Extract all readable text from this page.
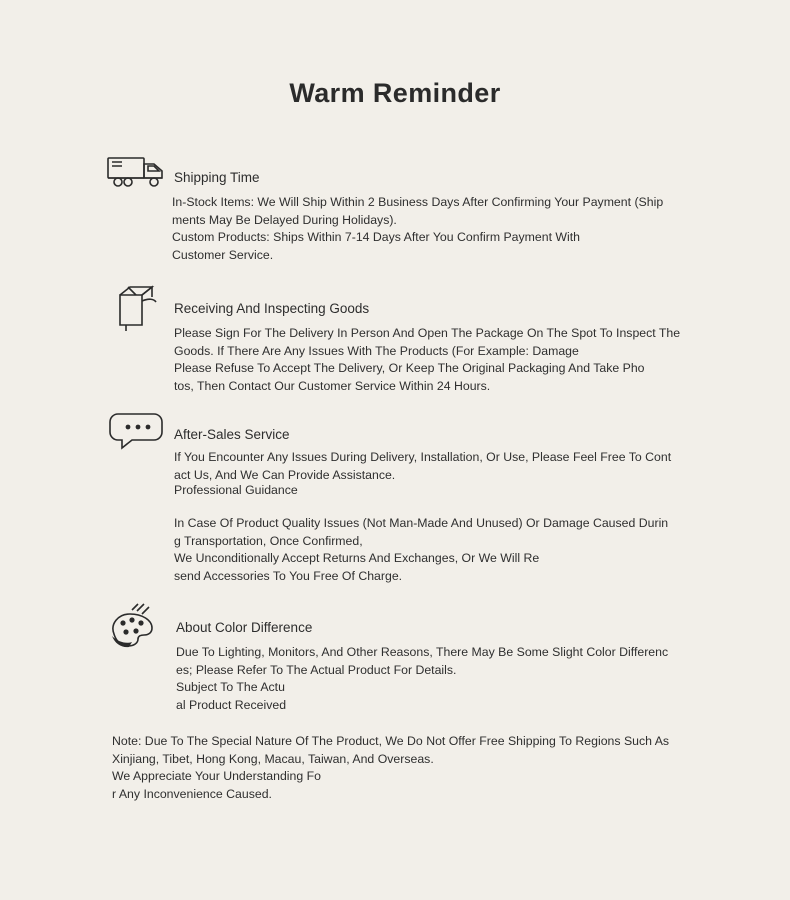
Warm Reminder
Shipping Time
In-Stock Items: We Will Ship Within 2 Business Days After Confirming Your Payment (Ship
ments May Be Delayed During Holidays).
Custom Products: Ships Within 7-14 Days After You Confirm Payment With
Customer Service.
Receiving And Inspecting Goods
Please Sign For The Delivery In Person And Open The Package On The Spot To Inspect The
Goods. If There Are Any Issues With The Products (For Example: Damage
Please Refuse To Accept The Delivery, Or Keep The Original Packaging And Take Pho
tos, Then Contact Our Customer Service Within 24 Hours.
After-Sales Service
If You Encounter Any Issues During Delivery, Installation, Or Use, Please Feel Free To Cont
act Us, And We Can Provide Assistance.
Professional Guidance
In Case Of Product Quality Issues (Not Man-Made And Unused) Or Damage Caused Durin
g Transportation, Once Confirmed,
We Unconditionally Accept Returns And Exchanges, Or We Will Re
send Accessories To You Free Of Charge.
About Color Difference
Due To Lighting, Monitors, And Other Reasons, There May Be Some Slight Color Differenc
es; Please Refer To The Actual Product For Details.
Subject To The Actu
al Product Received
Note: Due To The Special Nature Of The Product, We Do Not Offer Free Shipping To Regions Such As
Xinjiang, Tibet, Hong Kong, Macau, Taiwan, And Overseas.
We Appreciate Your Understanding Fo
r Any Inconvenience Caused.
